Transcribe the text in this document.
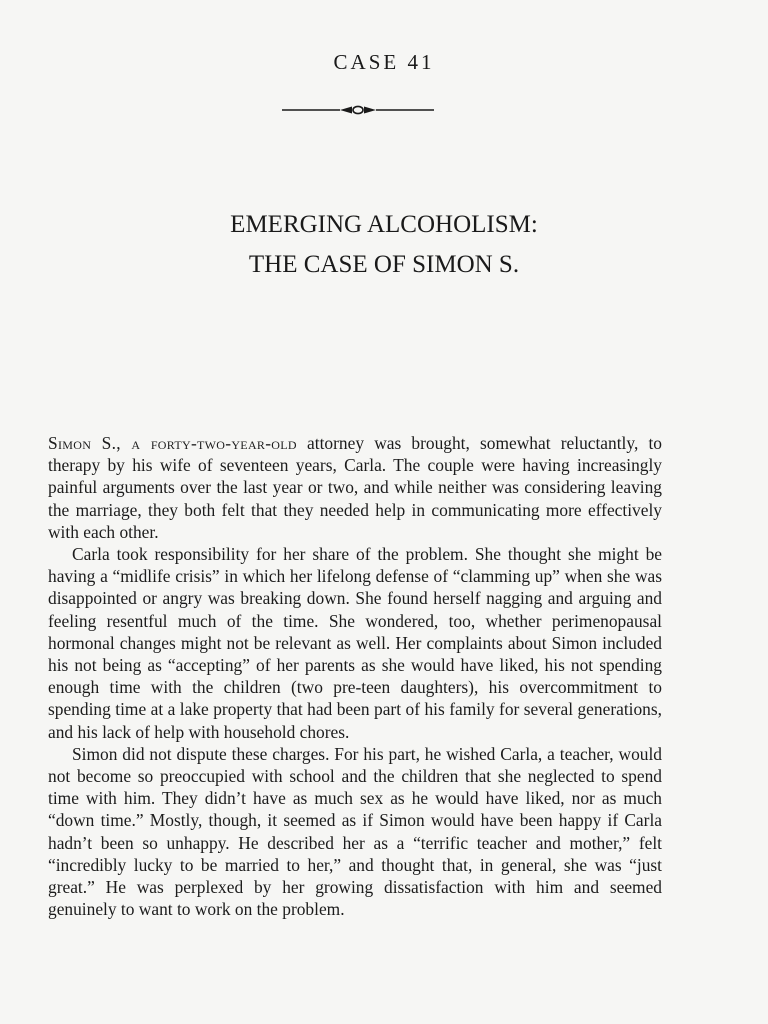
CASE 41
EMERGING ALCOHOLISM:
THE CASE OF SIMON S.

Simon S., a forty-two-year-old attorney was brought, somewhat reluctantly, to therapy by his wife of seventeen years, Carla. The couple were having increasingly painful arguments over the last year or two, and while neither was considering leaving the marriage, they both felt that they needed help in communicating more effectively with each other.

Carla took responsibility for her share of the problem. She thought she might be having a “midlife crisis” in which her lifelong defense of “clamming up” when she was disappointed or angry was breaking down. She found herself nagging and arguing and feeling resentful much of the time. She wondered, too, whether perimenopausal hormonal changes might not be relevant as well. Her complaints about Simon included his not being as “accepting” of her parents as she would have liked, his not spending enough time with the children (two pre-teen daughters), his overcommitment to spending time at a lake property that had been part of his family for several generations, and his lack of help with household chores.

Simon did not dispute these charges. For his part, he wished Carla, a teacher, would not become so preoccupied with school and the children that she neglected to spend time with him. They didn’t have as much sex as he would have liked, nor as much “down time.” Mostly, though, it seemed as if Simon would have been happy if Carla hadn’t been so unhappy. He described her as a “terrific teacher and mother,” felt “incredibly lucky to be married to her,” and thought that, in general, she was “just great.” He was perplexed by her growing dissatisfaction with him and seemed genuinely to want to work on the problem.
